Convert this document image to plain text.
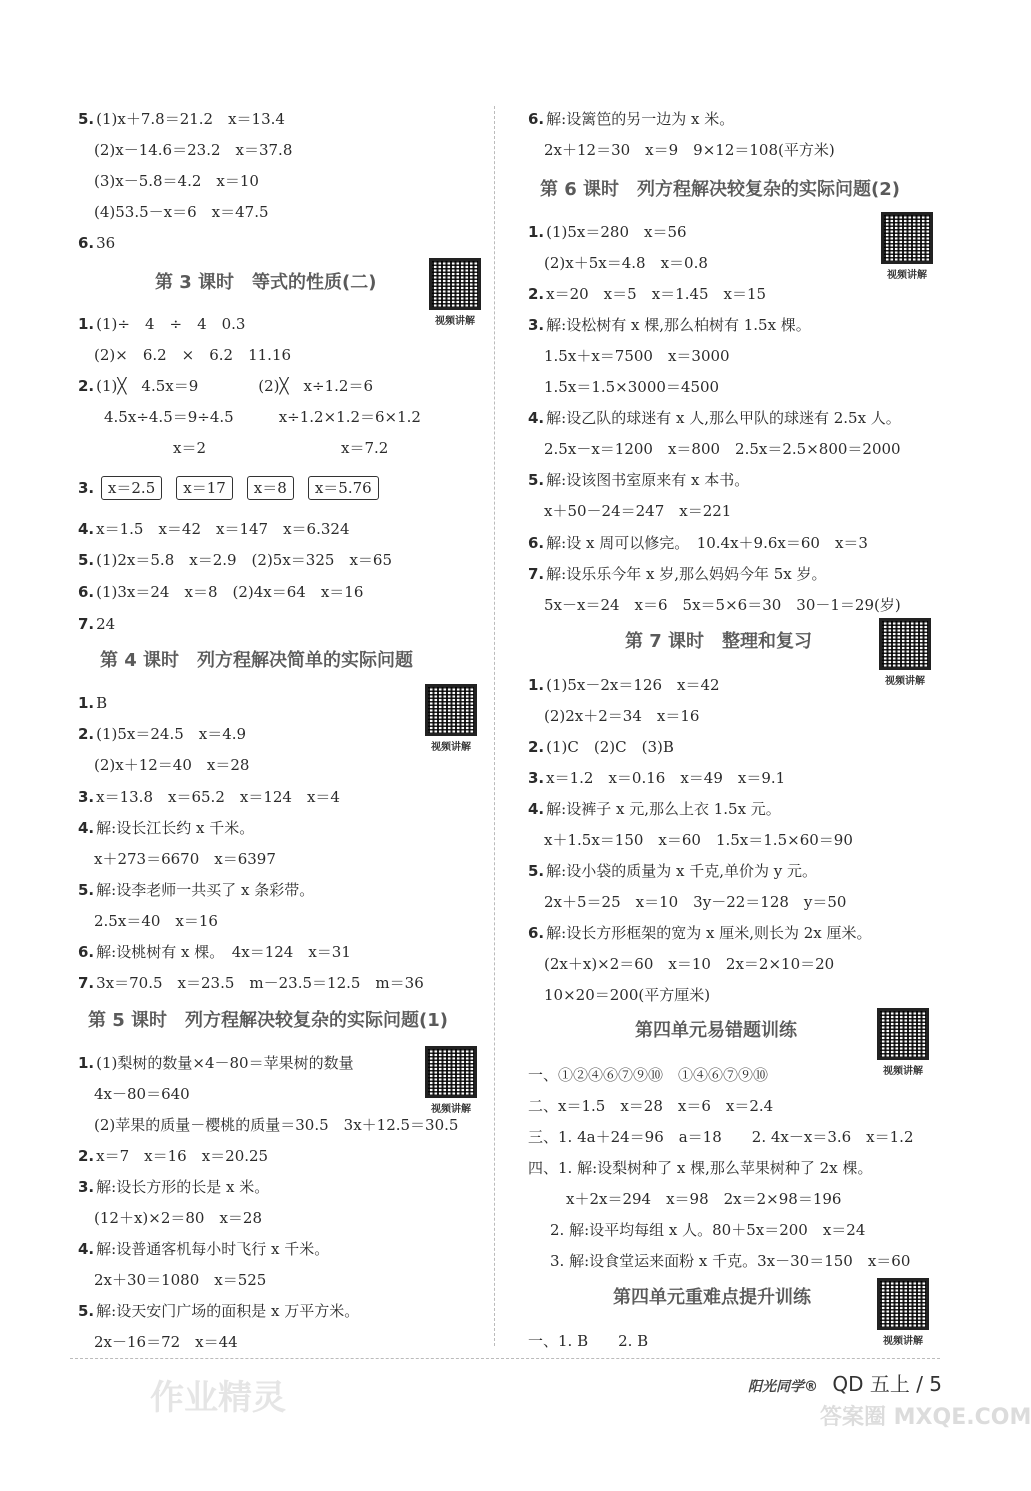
5. (1)x＋7.8＝21.2　x＝13.4
(2)x－14.6＝23.2　x＝37.8
(3)x－5.8＝4.2　x＝10
(4)53.5－x＝6　x＝47.5
6. 36
第 3 课时　等式的性质(二)
视频讲解
1. (1)÷　4　÷　4　0.3
(2)×　6.2　×　6.2　11.16
2. (1)╳　4.5x＝9　　　　(2)╳　x÷1.2＝6
4.5x÷4.5＝9÷4.5　　　x÷1.2×1.2＝6×1.2
x＝2　　　　　　　　　x＝7.2
3. x＝2.5 x＝17 x＝8 x＝5.76
4. x＝1.5　x＝42　x＝147　x＝6.324
5. (1)2x＝5.8　x＝2.9　(2)5x＝325　x＝65
6. (1)3x＝24　x＝8　(2)4x＝64　x＝16
7. 24
第 4 课时　列方程解决简单的实际问题
视频讲解
1. B
2. (1)5x＝24.5　x＝4.9
(2)x＋12＝40　x＝28
3. x＝13.8　x＝65.2　x＝124　x＝4
4. 解:设长江长约 x 千米。
x＋273＝6670　x＝6397
5. 解:设李老师一共买了 x 条彩带。
2.5x＝40　x＝16
6. 解:设桃树有 x 棵。　4x＝124　x＝31
7. 3x＝70.5　x＝23.5　m－23.5＝12.5　m＝36
第 5 课时　列方程解决较复杂的实际问题(1)
视频讲解
1. (1)梨树的数量×4－80＝苹果树的数量
4x－80＝640
(2)苹果的质量－樱桃的质量＝30.5　3x＋12.5＝30.5
2. x＝7　x＝16　x＝20.25
3. 解:设长方形的长是 x 米。
(12＋x)×2＝80　x＝28
4. 解:设普通客机每小时飞行 x 千米。
2x＋30＝1080　x＝525
5. 解:设天安门广场的面积是 x 万平方米。
2x－16＝72　x＝44
6. 解:设篱笆的另一边为 x 米。
2x＋12＝30　x＝9　9×12＝108(平方米)
第 6 课时　列方程解决较复杂的实际问题(2)
视频讲解
1. (1)5x＝280　x＝56
(2)x＋5x＝4.8　x＝0.8
2. x＝20　x＝5　x＝1.45　x＝15
3. 解:设松树有 x 棵,那么柏树有 1.5x 棵。
1.5x＋x＝7500　x＝3000
1.5x＝1.5×3000＝4500
4. 解:设乙队的球迷有 x 人,那么甲队的球迷有 2.5x 人。
2.5x－x＝1200　x＝800　2.5x＝2.5×800＝2000
5. 解:设该图书室原来有 x 本书。
x＋50－24＝247　x＝221
6. 解:设 x 周可以修完。　10.4x＋9.6x＝60　x＝3
7. 解:设乐乐今年 x 岁,那么妈妈今年 5x 岁。
5x－x＝24　x＝6　5x＝5×6＝30　30－1＝29(岁)
第 7 课时　整理和复习
视频讲解
1. (1)5x－2x＝126　x＝42
(2)2x＋2＝34　x＝16
2. (1)C　(2)C　(3)B
3. x＝1.2　x＝0.16　x＝49　x＝9.1
4. 解:设裤子 x 元,那么上衣 1.5x 元。
x＋1.5x＝150　x＝60　1.5x＝1.5×60＝90
5. 解:设小袋的质量为 x 千克,单价为 y 元。
2x＋5＝25　x＝10　3y－22＝128　y＝50
6. 解:设长方形框架的宽为 x 厘米,则长为 2x 厘米。
(2x＋x)×2＝60　x＝10　2x＝2×10＝20
10×20＝200(平方厘米)
第四单元易错题训练
视频讲解
一、①②④⑥⑦⑨⑩　①④⑥⑦⑨⑩
二、x＝1.5　x＝28　x＝6　x＝2.4
三、1. 4a＋24＝96　a＝18　　2. 4x－x＝3.6　x＝1.2
四、1. 解:设梨树种了 x 棵,那么苹果树种了 2x 棵。
x＋2x＝294　x＝98　2x＝2×98＝196
2. 解:设平均每组 x 人。80＋5x＝200　x＝24
3. 解:设食堂运来面粉 x 千克。3x－30＝150　x＝60
第四单元重难点提升训练
视频讲解
一、1. B　　2. B
作业精灵	阳光同学® QD 五上 / 5
答案圈 MXQE.COM
